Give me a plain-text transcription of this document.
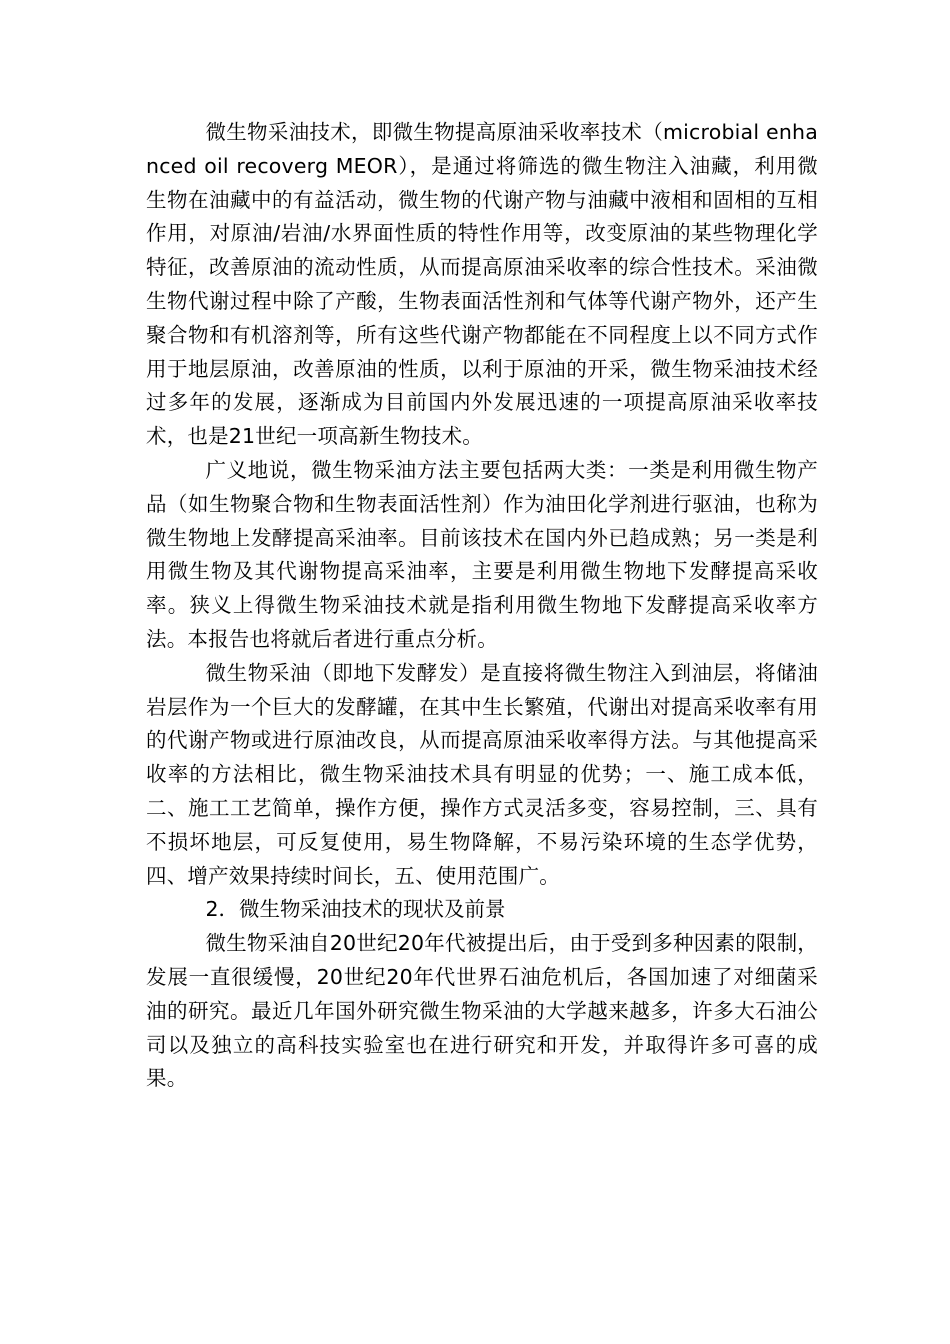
微生物采油技术，即微生物提高原油采收率技术（microbial enhanced oil recoverg MEOR），是通过将筛选的微生物注入油藏，利用微生物在油藏中的有益活动，微生物的代谢产物与油藏中液相和固相的互相作用，对原油/岩油/水界面性质的特性作用等，改变原油的某些物理化学特征，改善原油的流动性质，从而提高原油采收率的综合性技术。采油微生物代谢过程中除了产酸，生物表面活性剂和气体等代谢产物外，还产生聚合物和有机溶剂等，所有这些代谢产物都能在不同程度上以不同方式作用于地层原油，改善原油的性质，以利于原油的开采，微生物采油技术经过多年的发展，逐渐成为目前国内外发展迅速的一项提高原油采收率技术，也是21世纪一项高新生物技术。

广义地说，微生物采油方法主要包括两大类：一类是利用微生物产品（如生物聚合物和生物表面活性剂）作为油田化学剂进行驱油，也称为微生物地上发酵提高采油率。目前该技术在国内外已趋成熟；另一类是利用微生物及其代谢物提高采油率，主要是利用微生物地下发酵提高采收率。狭义上得微生物采油技术就是指利用微生物地下发酵提高采收率方法。本报告也将就后者进行重点分析。

微生物采油（即地下发酵发）是直接将微生物注入到油层，将储油岩层作为一个巨大的发酵罐，在其中生长繁殖，代谢出对提高采收率有用的代谢产物或进行原油改良，从而提高原油采收率得方法。与其他提高采收率的方法相比，微生物采油技术具有明显的优势；一、施工成本低，二、施工工艺简单，操作方便，操作方式灵活多变，容易控制，三、具有不损坏地层，可反复使用，易生物降解，不易污染环境的生态学优势，四、增产效果持续时间长，五、使用范围广。

2．微生物采油技术的现状及前景

微生物采油自20世纪20年代被提出后，由于受到多种因素的限制，发展一直很缓慢，20世纪20年代世界石油危机后，各国加速了对细菌采油的研究。最近几年国外研究微生物采油的大学越来越多，许多大石油公司以及独立的高科技实验室也在进行研究和开发，并取得许多可喜的成果。
